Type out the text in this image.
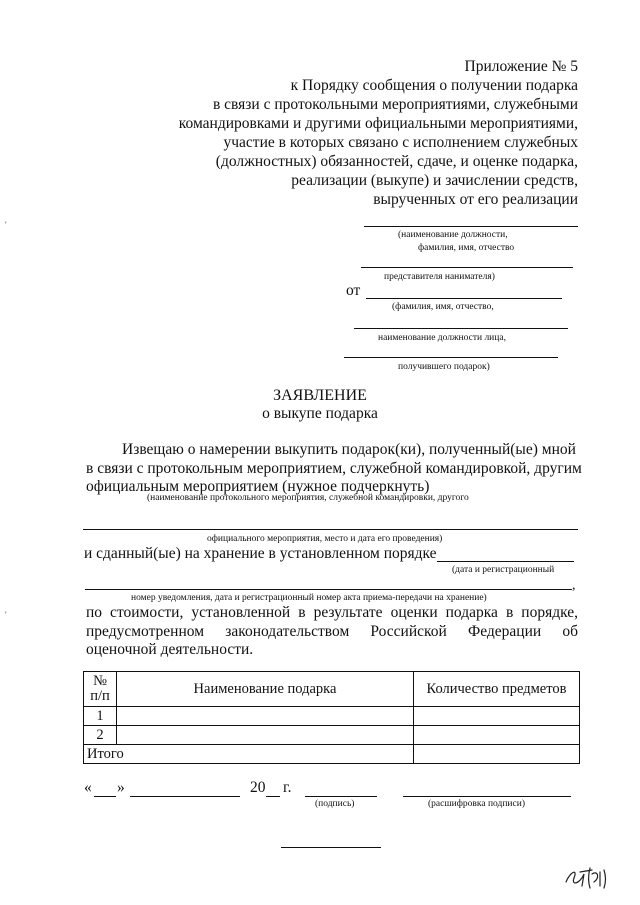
'
'
Приложение № 5
к Порядку сообщения о получении подарка
в связи с протокольными мероприятиями, служебными
командировками и другими официальными мероприятиями,
участие в которых связано с исполнением служебных
(должностных) обязанностей, сдаче, и оценке подарка,
реализации (выкупе) и зачислении средств,
вырученных от его реализации
(наименование должности,
фамилия, имя, отчество
представителя нанимателя)
от
(фамилия, имя, отчество,
наименование должности лица,
получившего подарок)
ЗАЯВЛЕНИЕ
о выкупе подарка
Извещаю о намерении выкупить подарок(ки), полученный(ые) мной
в связи с протокольным мероприятием, служебной командировкой, другим
официальным мероприятием (нужное подчеркнуть)
(наименование протокольного мероприятия, служебной командировки, другого
официального мероприятия, место и дата его проведения)
и сданный(ые) на хранение в установленном порядке
(дата и регистрационный
,
номер уведомления, дата и регистрационный номер акта приема-передачи на хранение)
по стоимости, установленной в результате оценки подарка в порядке,
предусмотренном законодательством Российской Федерации об
оценочной деятельности.
№
п/п	Наименование подарка	Количество предметов
1		
2		
Итого		
« »	20 г.
(подпись)	(расшифровка подписи)
